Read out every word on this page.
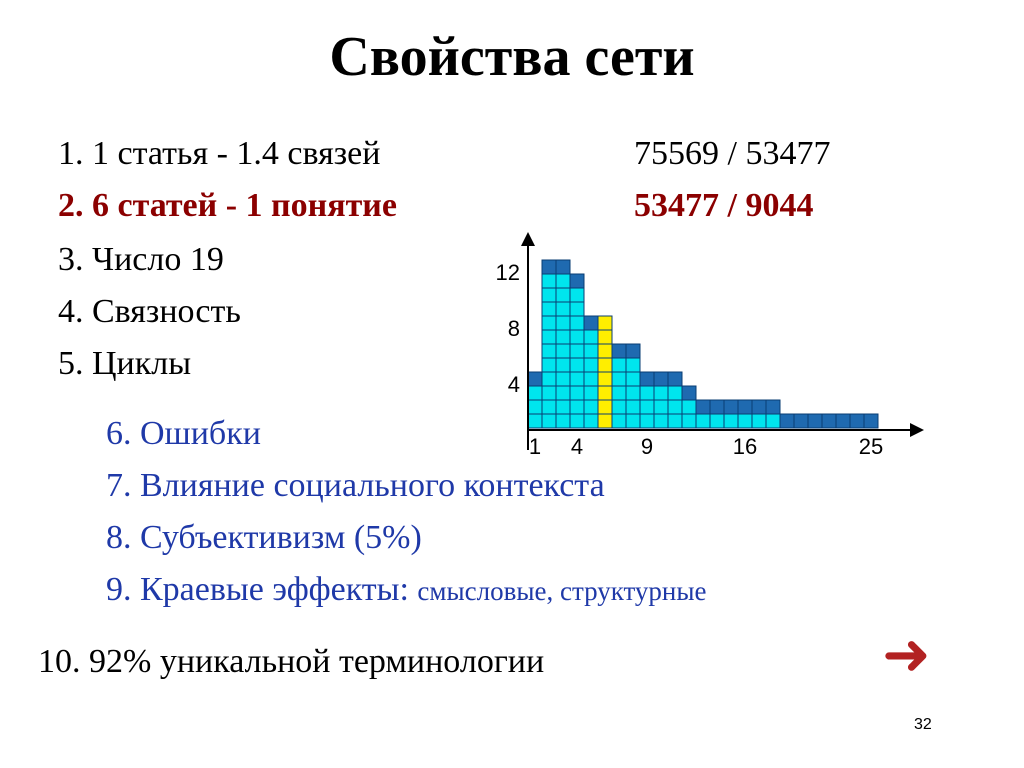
Свойства сети
1. 1 статья - 1.4 связей	75569 / 53477
2. 6 статей - 1 понятие	53477 / 9044
3. Число 19
4. Связность
5. Циклы
6. Ошибки
7. Влияние социального контекста
8. Субъективизм (5%)
9. Краевые эффекты: смысловые, структурные
10. 92% уникальной терминологии	➜
1 4	9	16	25
4
8
12
32
